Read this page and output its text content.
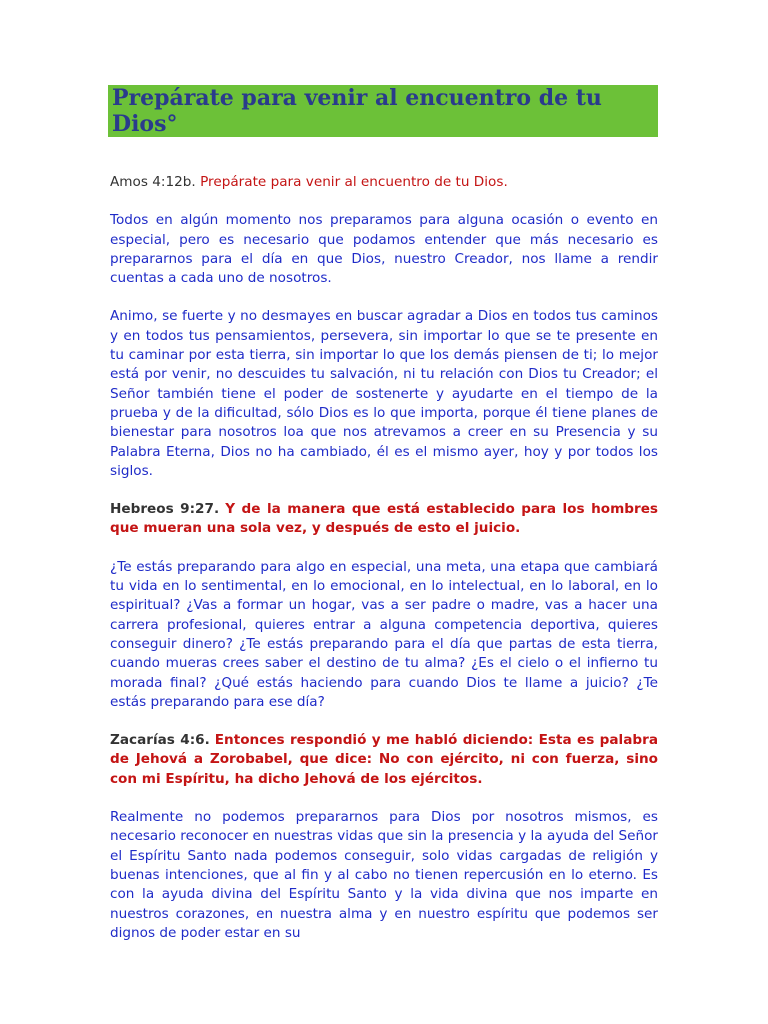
Prepárate para venir al encuentro de tu Dios°

Amos 4:12b. Prepárate para venir al encuentro de tu Dios.

Todos en algún momento nos preparamos para alguna ocasión o evento en especial, pero es necesario que podamos entender que más necesario es prepararnos para el día en que Dios, nuestro Creador, nos llame a rendir cuentas a cada uno de nosotros.

Animo, se fuerte y no desmayes en buscar agradar a Dios en todos tus caminos y en todos tus pensamientos, persevera, sin importar lo que se te presente en tu caminar por esta tierra, sin importar lo que los demás piensen de ti; lo mejor está por venir, no descuides tu salvación, ni tu relación con Dios tu Creador; el Señor también tiene el poder de sostenerte y ayudarte en el tiempo de la prueba y de la dificultad, sólo Dios es lo que importa, porque él tiene planes de bienestar para nosotros loa que nos atrevamos a creer en su Presencia y su Palabra Eterna, Dios no ha cambiado, él es el mismo ayer, hoy y por todos los siglos.

Hebreos 9:27. Y de la manera que está establecido para los hombres que mueran una sola vez, y después de esto el juicio.

¿Te estás preparando para algo en especial, una meta, una etapa que cambiará tu vida en lo sentimental, en lo emocional, en lo intelectual, en lo laboral, en lo espiritual? ¿Vas a formar un hogar, vas a ser padre o madre, vas a hacer una carrera profesional, quieres entrar a alguna competencia deportiva, quieres conseguir dinero? ¿Te estás preparando para el día que partas de esta tierra, cuando mueras crees saber el destino de tu alma? ¿Es el cielo o el infierno tu morada final? ¿Qué estás haciendo para cuando Dios te llame a juicio? ¿Te estás preparando para ese día?

Zacarías 4:6. Entonces respondió y me habló diciendo: Esta es palabra de Jehová a Zorobabel, que dice: No con ejército, ni con fuerza, sino con mi Espíritu, ha dicho Jehová de los ejércitos.

Realmente no podemos prepararnos para Dios por nosotros mismos, es necesario reconocer en nuestras vidas que sin la presencia y la ayuda del Señor el Espíritu Santo nada podemos conseguir, solo vidas cargadas de religión y buenas intenciones, que al fin y al cabo no tienen repercusión en lo eterno. Es con la ayuda divina del Espíritu Santo y la vida divina que nos imparte en nuestros corazones, en nuestra alma y en nuestro espíritu que podemos ser dignos de poder estar en su
